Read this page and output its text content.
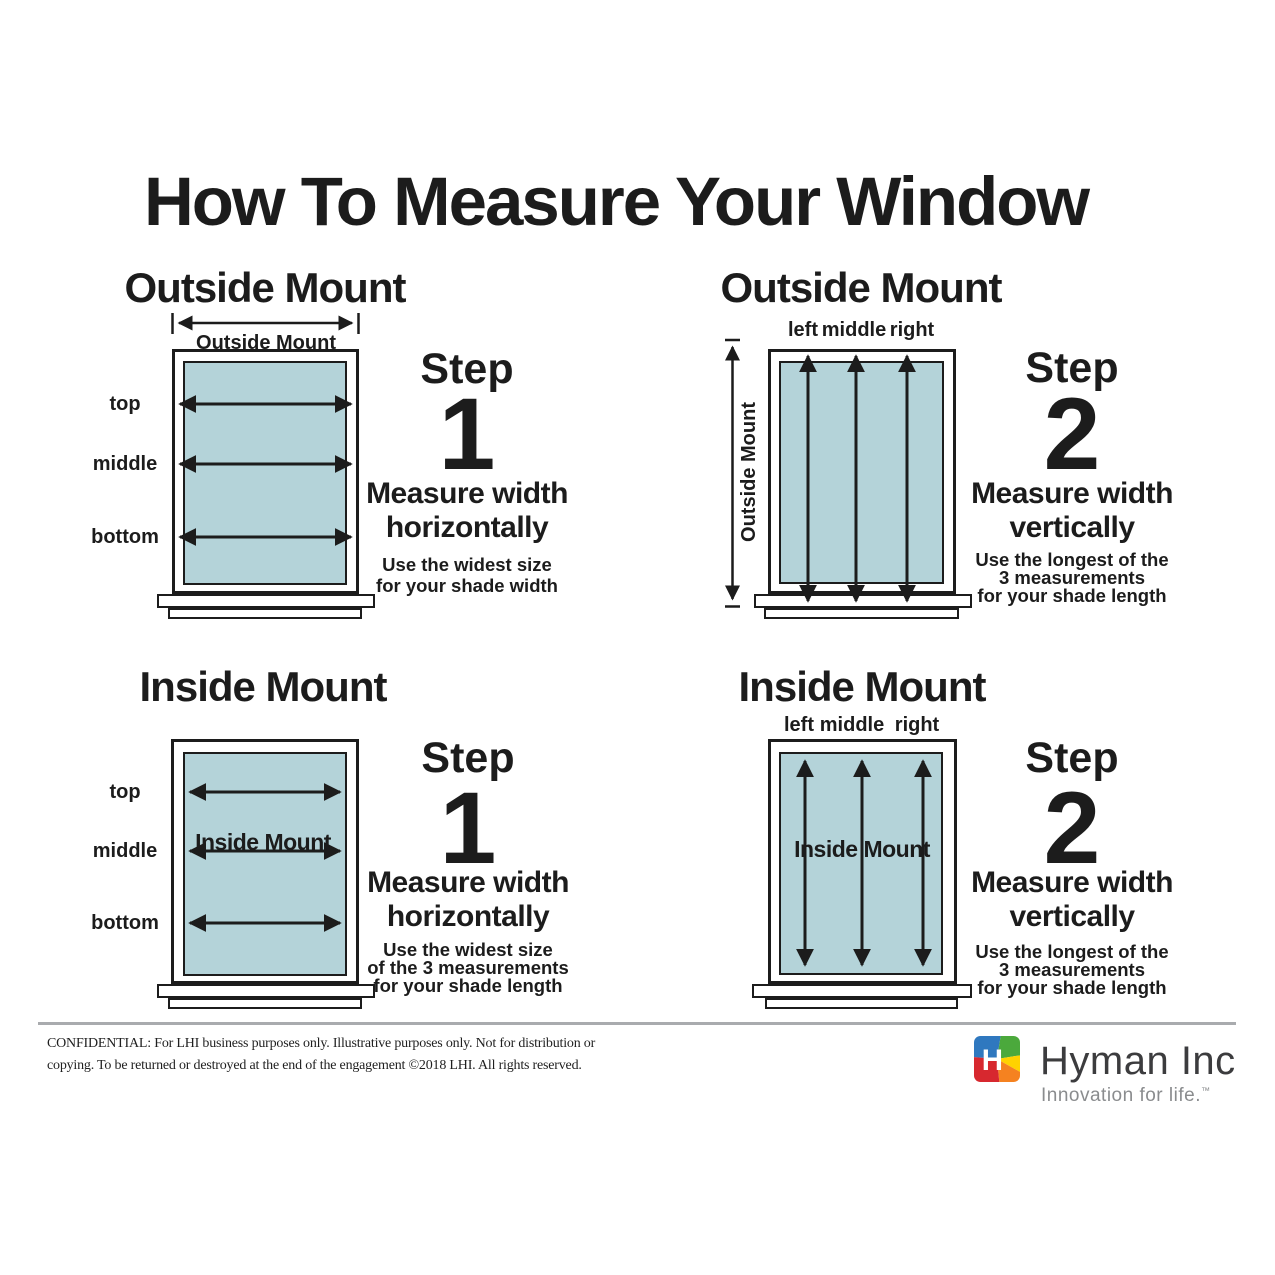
How To Measure Your Window
Outside Mount
Outside Mount
top
middle
bottom
Step
1
Measure width
horizontally
Use the widest size
for your shade width
Outside Mount
left middle right
Outside Mount
Step
2
Measure width
vertically
Use the longest of the
3 measurements
for your shade length
Inside Mount
top
middle
bottom
Inside Mount
Step
1
Measure width
horizontally
Use the widest size
of the 3 measurements
for your shade length
Inside Mount
left middle right
Inside Mount
Step
2
Measure width
vertically
Use the longest of the
3 measurements
for your shade length
CONFIDENTIAL: For LHI business purposes only. Illustrative purposes only. Not for distribution or
copying. To be returned or destroyed at the end of the engagement ©2018 LHI. All rights reserved.	H Hyman Inc
Innovation for life.™
